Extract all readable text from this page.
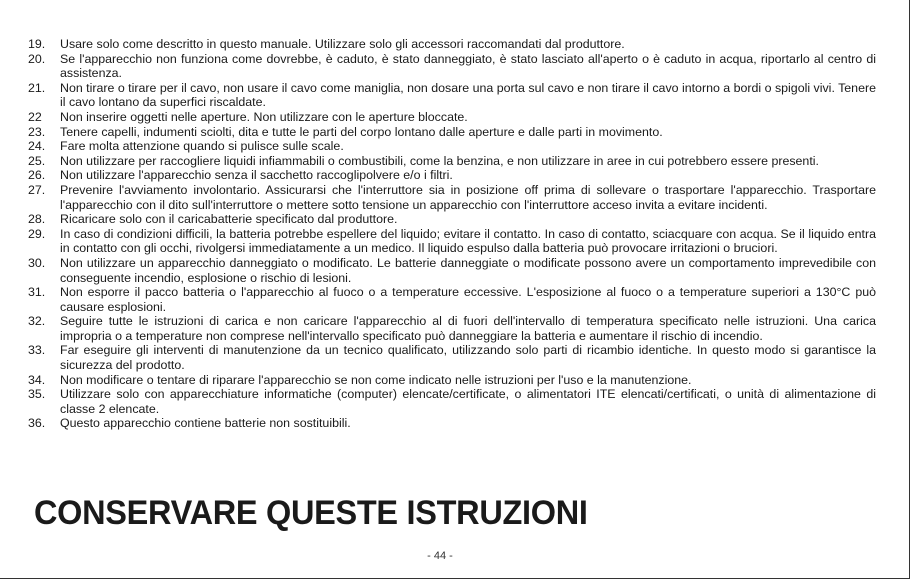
19.	Usare solo come descritto in questo manuale. Utilizzare solo gli accessori raccomandati dal produttore.
20.	Se l'apparecchio non funziona come dovrebbe, è caduto, è stato danneggiato, è stato lasciato all'aperto o è caduto in acqua, riportarlo al centro di assistenza.
21.	Non tirare o tirare per il cavo, non usare il cavo come maniglia, non dosare una porta sul cavo e non tirare il cavo intorno a bordi o spigoli vivi. Tenere il cavo lontano da superfici riscaldate.
22	Non inserire oggetti nelle aperture. Non utilizzare con le aperture bloccate.
23.	Tenere capelli, indumenti sciolti, dita e tutte le parti del corpo lontano dalle aperture e dalle parti in movimento.
24.	Fare molta attenzione quando si pulisce sulle scale.
25.	Non utilizzare per raccogliere liquidi infiammabili o combustibili, come la benzina, e non utilizzare in aree in cui potrebbero essere presenti.
26.	Non utilizzare l'apparecchio senza il sacchetto raccoglipolvere e/o i filtri.
27.	Prevenire l'avviamento involontario. Assicurarsi che l'interruttore sia in posizione off prima di sollevare o trasportare l'apparecchio. Trasportare l'apparecchio con il dito sull'interruttore o mettere sotto tensione un apparecchio con l'interruttore acceso invita a evitare incidenti.
28.	Ricaricare solo con il caricabatterie specificato dal produttore.
29.	In caso di condizioni difficili, la batteria potrebbe espellere del liquido; evitare il contatto. In caso di contatto, sciacquare con acqua. Se il liquido entra in contatto con gli occhi, rivolgersi immediatamente a un medico. Il liquido espulso dalla batteria può provocare irritazioni o bruciori.
30.	Non utilizzare un apparecchio danneggiato o modificato. Le batterie danneggiate o modificate possono avere un comportamento imprevedibile con conseguente incendio, esplosione o rischio di lesioni.
31.	Non esporre il pacco batteria o l'apparecchio al fuoco o a temperature eccessive. L'esposizione al fuoco o a temperature superiori a 130°C può causare esplosioni.
32.	Seguire tutte le istruzioni di carica e non caricare l'apparecchio al di fuori dell'intervallo di temperatura specificato nelle istruzioni. Una carica impropria o a temperature non comprese nell'intervallo specificato può danneggiare la batteria e aumentare il rischio di incendio.
33.	Far eseguire gli interventi di manutenzione da un tecnico qualificato, utilizzando solo parti di ricambio identiche. In questo modo si garantisce la sicurezza del prodotto.
34.	Non modificare o tentare di riparare l'apparecchio se non come indicato nelle istruzioni per l'uso e la manutenzione.
35.	Utilizzare solo con apparecchiature informatiche (computer) elencate/certificate, o alimentatori ITE elencati/certificati, o unità di alimentazione di classe 2 elencate.
36.	Questo apparecchio contiene batterie non sostituibili.
CONSERVARE QUESTE ISTRUZIONI
- 44 -
